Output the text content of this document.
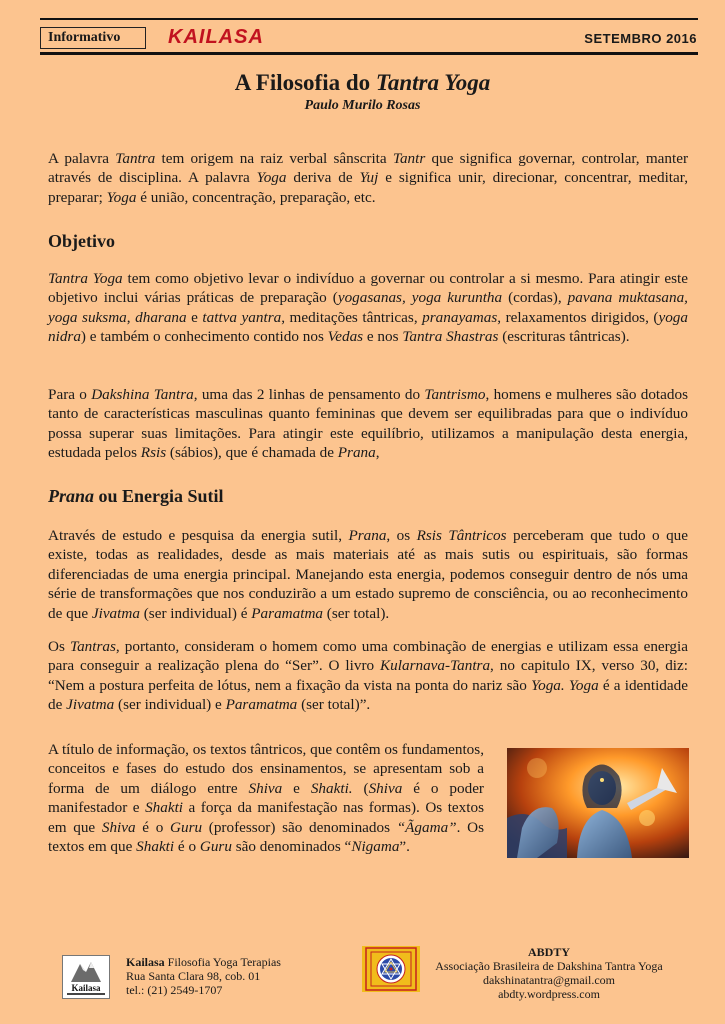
Informativo	KAILASA	SETEMBRO 2016
A Filosofia do Tantra Yoga
Paulo Murilo Rosas

A palavra Tantra tem origem na raiz verbal sânscrita Tantr que significa governar, controlar, manter através de disciplina. A palavra Yoga deriva de Yuj e significa unir, direcionar, concentrar, meditar, preparar; Yoga é união, concentração, preparação, etc.

Objetivo

Tantra Yoga tem como objetivo levar o indivíduo a governar ou controlar a si mesmo. Para atingir este objetivo inclui várias práticas de preparação (yogasanas, yoga kuruntha (cordas), pavana muktasana, yoga suksma, dharana e tattva yantra, meditações tântricas, pranayamas, relaxamentos dirigidos, (yoga nidra) e também o conhecimento contido nos Vedas e nos Tantra Shastras (escrituras tântricas).

Para o Dakshina Tantra, uma das 2 linhas de pensamento do Tantrismo, homens e mulheres são dotados tanto de características masculinas quanto femininas que devem ser equilibradas para que o indivíduo possa superar suas limitações. Para atingir este equilíbrio, utilizamos a manipulação desta energia, estudada pelos Rsis (sábios), que é chamada de Prana,

Prana ou Energia Sutil

Através de estudo e pesquisa da energia sutil, Prana, os Rsis Tântricos perceberam que tudo o que existe, todas as realidades, desde as mais materiais até as mais sutis ou espirituais, são formas diferenciadas de uma energia principal. Manejando esta energia, podemos conseguir dentro de nós uma série de transformações que nos conduzirão a um estado supremo de consciência, ou ao reconhecimento de que Jivatma (ser individual) é Paramatma (ser total).

Os Tantras, portanto, consideram o homem como uma combinação de energias e utilizam essa energia para conseguir a realização plena do “Ser”. O livro Kularnava-Tantra, no capitulo IX, verso 30, diz: “Nem a postura perfeita de lótus, nem a fixação da vista na ponta do nariz são Yoga. Yoga é a identidade de Jivatma (ser individual) e Paramatma (ser total)”.

A título de informação, os textos tântricos, que contêm os fundamentos, conceitos e fases do estudo dos ensinamentos, se apresentam sob a forma de um diálogo entre Shiva e Shakti. (Shiva é o poder manifestador e Shakti a força da manifestação nas formas). Os textos em que Shiva é o Guru (professor) são denominados “Ãgama”. Os textos em que Shakti é o Guru são denominados “Nigama”.

Kailasa
Kailasa Filosofia Yoga Terapias
Rua Santa Clara 98, cob. 01
tel.: (21) 2549-1707
ABDTY
Associação Brasileira de Dakshina Tantra Yoga
dakshinatantra@gmail.com
abdty.wordpress.com
